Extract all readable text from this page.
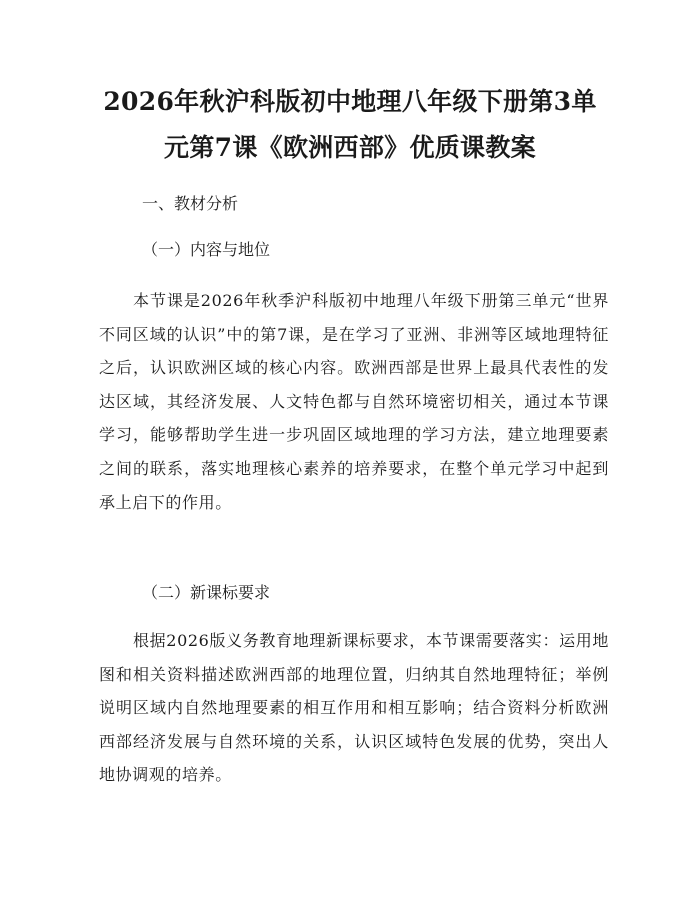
2026年秋沪科版初中地理八年级下册第3单
元第7课《欧洲西部》优质课教案
一、教材分析
（一）内容与地位

本节课是2026年秋季沪科版初中地理八年级下册第三单元“世界不同区域的认识”中的第7课，是在学习了亚洲、非洲等区域地理特征之后，认识欧洲区域的核心内容。欧洲西部是世界上最具代表性的发达区域，其经济发展、人文特色都与自然环境密切相关，通过本节课学习，能够帮助学生进一步巩固区域地理的学习方法，建立地理要素之间的联系，落实地理核心素养的培养要求，在整个单元学习中起到承上启下的作用。

（二）新课标要求

根据2026版义务教育地理新课标要求，本节课需要落实：运用地图和相关资料描述欧洲西部的地理位置，归纳其自然地理特征；举例说明区域内自然地理要素的相互作用和相互影响；结合资料分析欧洲西部经济发展与自然环境的关系，认识区域特色发展的优势，突出人地协调观的培养。
